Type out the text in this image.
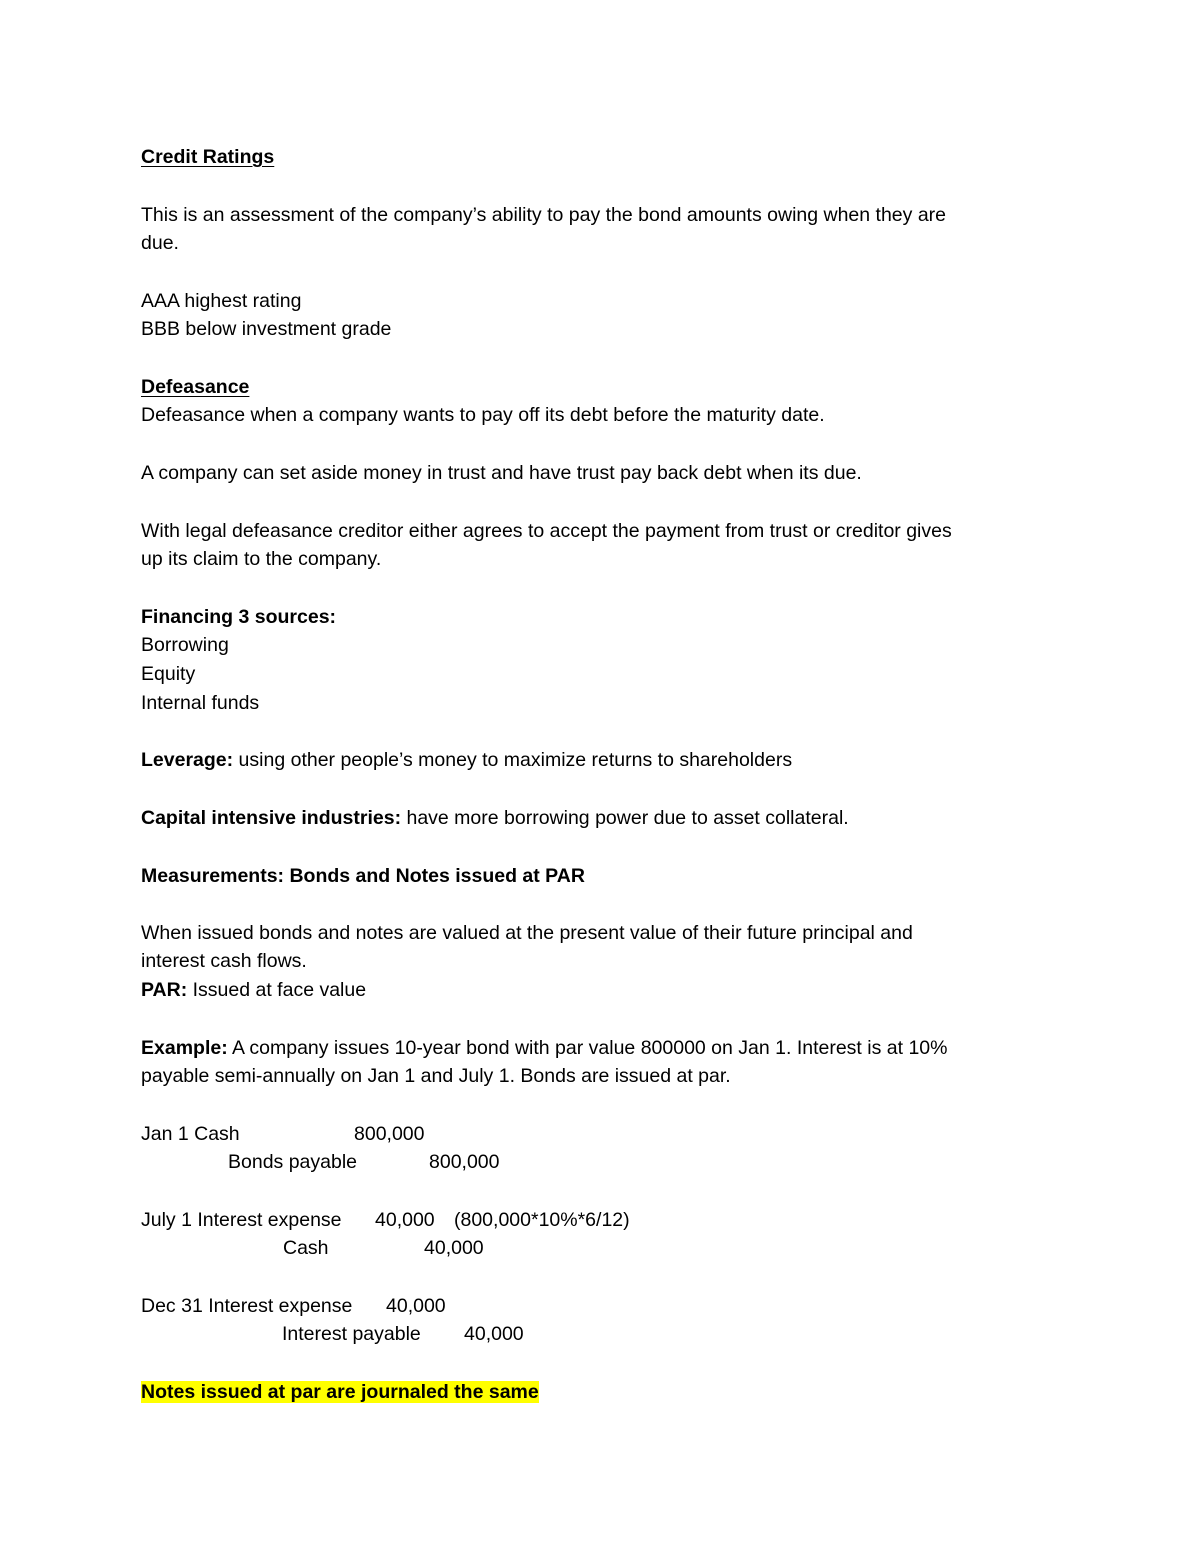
Credit Ratings

This is an assessment of the company’s ability to pay the bond amounts owing when they are

due.

AAA highest rating

BBB below investment grade

Defeasance

Defeasance when a company wants to pay off its debt before the maturity date.

A company can set aside money in trust and have trust pay back debt when its due.

With legal defeasance creditor either agrees to accept the payment from trust or creditor gives

up its claim to the company.

Financing 3 sources:

Borrowing

Equity

Internal funds

Leverage: using other people’s money to maximize returns to shareholders

Capital intensive industries: have more borrowing power due to asset collateral.

Measurements: Bonds and Notes issued at PAR

When issued bonds and notes are valued at the present value of their future principal and

interest cash flows.

PAR: Issued at face value

Example: A company issues 10-year bond with par value 800000 on Jan 1. Interest is at 10%

payable semi-annually on Jan 1 and July 1. Bonds are issued at par.

Jan 1 Cash	800,000

Bonds payable	800,000

July 1 Interest expense 40,000 (800,000*10%*6/12)

Cash	40,000

Dec 31 Interest expense 40,000

Interest payable 40,000

Notes issued at par are journaled the same
